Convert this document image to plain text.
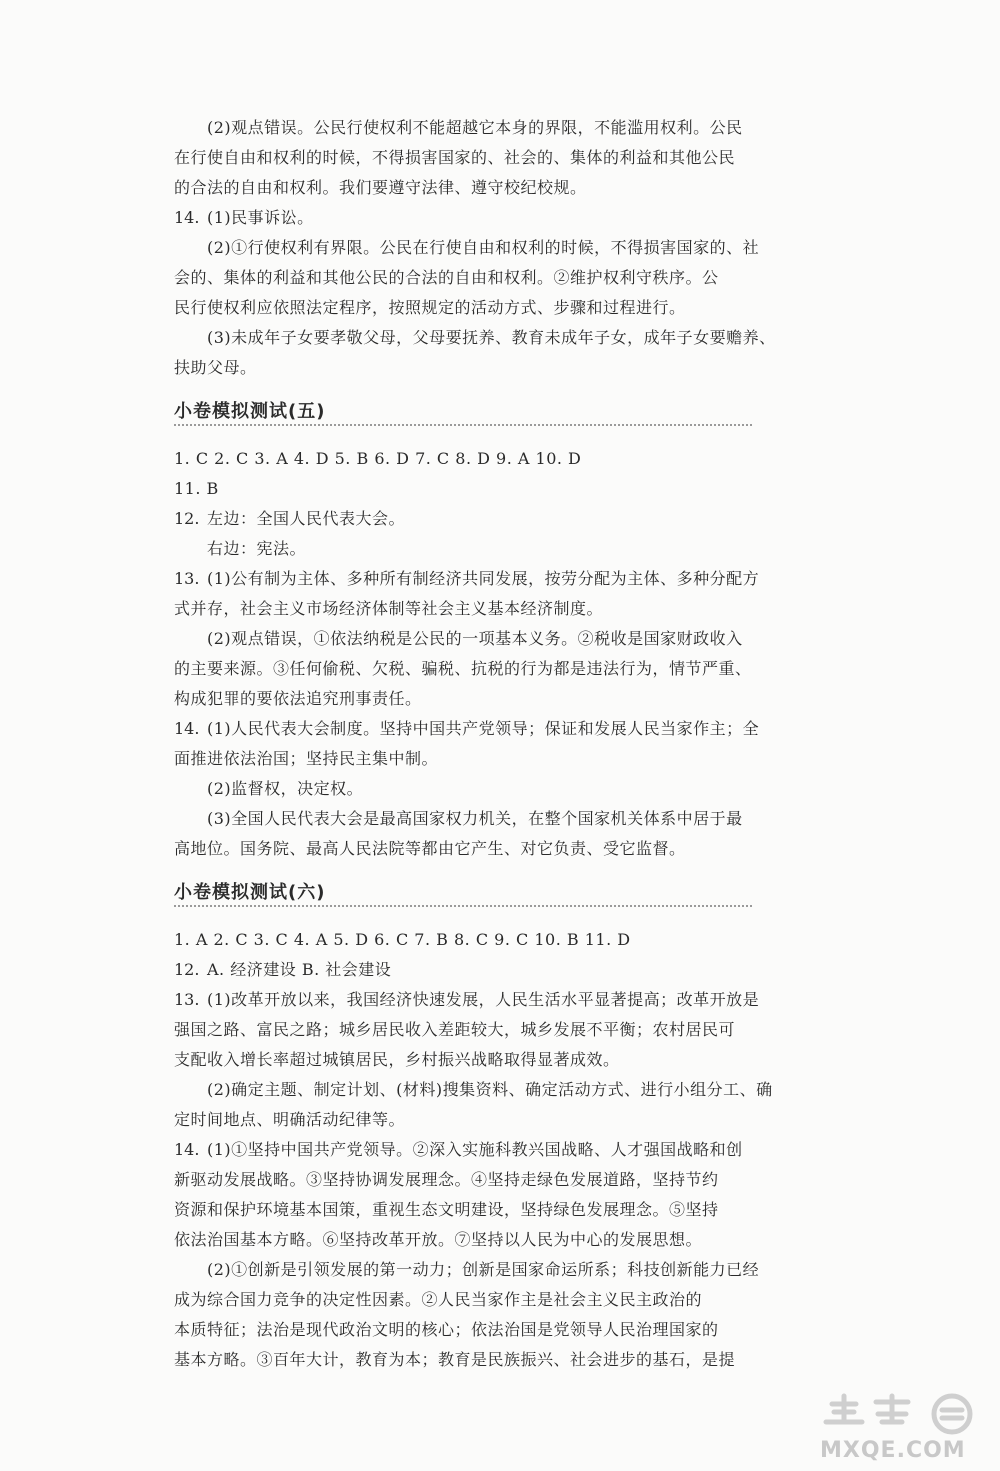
(2)观点错误。公民行使权利不能超越它本身的界限，不能滥用权利。公民
在行使自由和权利的时候，不得损害国家的、社会的、集体的利益和其他公民
的合法的自由和权利。我们要遵守法律、遵守校纪校规。
14. (1)民事诉讼。
(2)①行使权利有界限。公民在行使自由和权利的时候，不得损害国家的、社
会的、集体的利益和其他公民的合法的自由和权利。②维护权利守秩序。公
民行使权利应依照法定程序，按照规定的活动方式、步骤和过程进行。
(3)未成年子女要孝敬父母，父母要抚养、教育未成年子女，成年子女要赡养、
扶助父母。
小卷模拟测试(五)
1. C 2. C 3. A 4. D 5. B 6. D 7. C 8. D 9. A 10. D
11. B
12. 左边：全国人民代表大会。
右边：宪法。
13. (1)公有制为主体、多种所有制经济共同发展，按劳分配为主体、多种分配方
式并存，社会主义市场经济体制等社会主义基本经济制度。
(2)观点错误，①依法纳税是公民的一项基本义务。②税收是国家财政收入
的主要来源。③任何偷税、欠税、骗税、抗税的行为都是违法行为，情节严重、
构成犯罪的要依法追究刑事责任。
14. (1)人民代表大会制度。坚持中国共产党领导；保证和发展人民当家作主；全
面推进依法治国；坚持民主集中制。
(2)监督权，决定权。
(3)全国人民代表大会是最高国家权力机关，在整个国家机关体系中居于最
高地位。国务院、最高人民法院等都由它产生、对它负责、受它监督。
小卷模拟测试(六)
1. A 2. C 3. C 4. A 5. D 6. C 7. B 8. C 9. C 10. B 11. D
12. A. 经济建设 B. 社会建设
13. (1)改革开放以来，我国经济快速发展，人民生活水平显著提高；改革开放是
强国之路、富民之路；城乡居民收入差距较大，城乡发展不平衡；农村居民可
支配收入增长率超过城镇居民，乡村振兴战略取得显著成效。
(2)确定主题、制定计划、(材料)搜集资料、确定活动方式、进行小组分工、确
定时间地点、明确活动纪律等。
14. (1)①坚持中国共产党领导。②深入实施科教兴国战略、人才强国战略和创
新驱动发展战略。③坚持协调发展理念。④坚持走绿色发展道路，坚持节约
资源和保护环境基本国策，重视生态文明建设，坚持绿色发展理念。⑤坚持
依法治国基本方略。⑥坚持改革开放。⑦坚持以人民为中心的发展思想。
(2)①创新是引领发展的第一动力；创新是国家命运所系；科技创新能力已经
成为综合国力竞争的决定性因素。②人民当家作主是社会主义民主政治的
本质特征；法治是现代政治文明的核心；依法治国是党领导人民治理国家的
基本方略。③百年大计，教育为本；教育是民族振兴、社会进步的基石，是提
MXQE.COM
